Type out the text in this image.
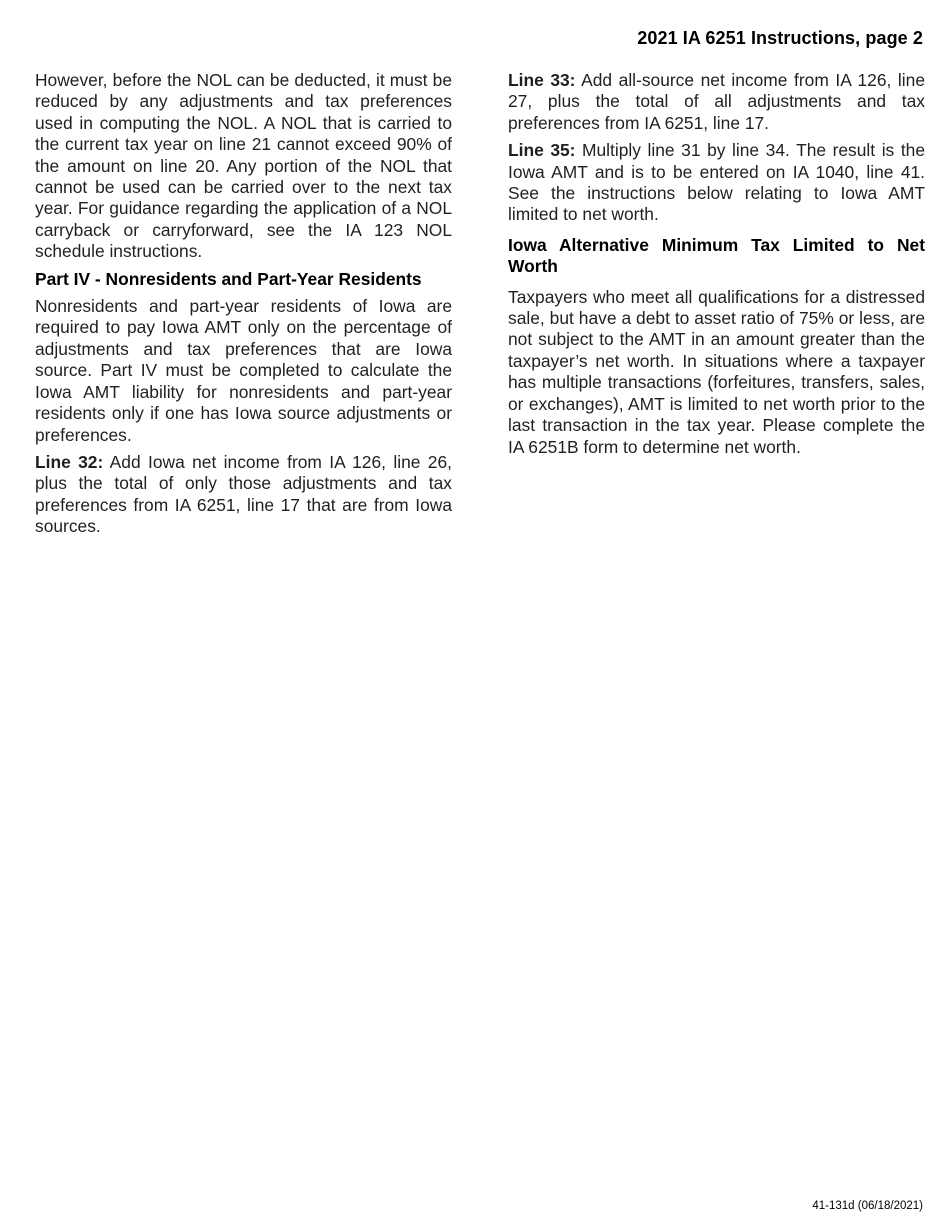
2021 IA 6251 Instructions, page 2

However, before the NOL can be deducted, it must be reduced by any adjustments and tax preferences used in computing the NOL. A NOL that is carried to the current tax year on line 21 cannot exceed 90% of the amount on line 20. Any portion of the NOL that cannot be used can be carried over to the next tax year. For guidance regarding the application of a NOL carryback or carryforward, see the IA 123 NOL schedule instructions.

Part IV - Nonresidents and Part-Year Residents

Nonresidents and part-year residents of Iowa are required to pay Iowa AMT only on the percentage of adjustments and tax preferences that are Iowa source. Part IV must be completed to calculate the Iowa AMT liability for nonresidents and part-year residents only if one has Iowa source adjustments or preferences.

Line 32: Add Iowa net income from IA 126, line 26, plus the total of only those adjustments and tax preferences from IA 6251, line 17 that are from Iowa sources.

Line 33: Add all-source net income from IA 126, line 27, plus the total of all adjustments and tax preferences from IA 6251, line 17.

Line 35: Multiply line 31 by line 34. The result is the Iowa AMT and is to be entered on IA 1040, line 41. See the instructions below relating to Iowa AMT limited to net worth.

Iowa Alternative Minimum Tax Limited to Net Worth

Taxpayers who meet all qualifications for a distressed sale, but have a debt to asset ratio of 75% or less, are not subject to the AMT in an amount greater than the taxpayer’s net worth. In situations where a taxpayer has multiple transactions (forfeitures, transfers, sales, or exchanges), AMT is limited to net worth prior to the last transaction in the tax year. Please complete the IA 6251B form to determine net worth.

41-131d (06/18/2021)
